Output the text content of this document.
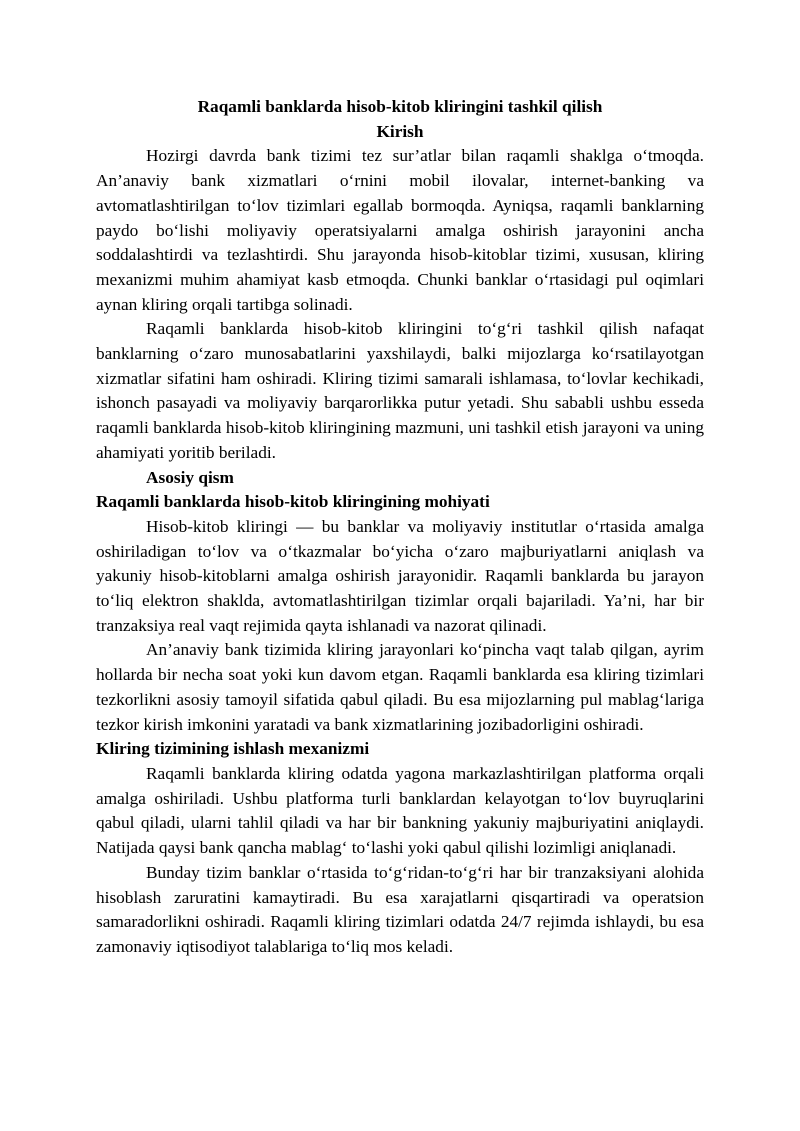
Raqamli banklarda hisob-kitob kliringini tashkil qilish

Kirish

Hozirgi davrda bank tizimi tez sur’atlar bilan raqamli shaklga o‘tmoqda. An’anaviy bank xizmatlari o‘rnini mobil ilovalar, internet-banking va avtomatlashtirilgan to‘lov tizimlari egallab bormoqda. Ayniqsa, raqamli banklarning paydo bo‘lishi moliyaviy operatsiyalarni amalga oshirish jarayonini ancha soddalashtirdi va tezlashtirdi. Shu jarayonda hisob-kitoblar tizimi, xususan, kliring mexanizmi muhim ahamiyat kasb etmoqda. Chunki banklar o‘rtasidagi pul oqimlari aynan kliring orqali tartibga solinadi.

Raqamli banklarda hisob-kitob kliringini to‘g‘ri tashkil qilish nafaqat banklarning o‘zaro munosabatlarini yaxshilaydi, balki mijozlarga ko‘rsatilayotgan xizmatlar sifatini ham oshiradi. Kliring tizimi samarali ishlamasa, to‘lovlar kechikadi, ishonch pasayadi va moliyaviy barqarorlikka putur yetadi. Shu sababli ushbu esseda raqamli banklarda hisob-kitob kliringining mazmuni, uni tashkil etish jarayoni va uning ahamiyati yoritib beriladi.

Asosiy qism

Raqamli banklarda hisob-kitob kliringining mohiyati

Hisob-kitob kliringi — bu banklar va moliyaviy institutlar o‘rtasida amalga oshiriladigan to‘lov va o‘tkazmalar bo‘yicha o‘zaro majburiyatlarni aniqlash va yakuniy hisob-kitoblarni amalga oshirish jarayonidir. Raqamli banklarda bu jarayon to‘liq elektron shaklda, avtomatlashtirilgan tizimlar orqali bajariladi. Ya’ni, har bir tranzaksiya real vaqt rejimida qayta ishlanadi va nazorat qilinadi.

An’anaviy bank tizimida kliring jarayonlari ko‘pincha vaqt talab qilgan, ayrim hollarda bir necha soat yoki kun davom etgan. Raqamli banklarda esa kliring tizimlari tezkorlikni asosiy tamoyil sifatida qabul qiladi. Bu esa mijozlarning pul mablag‘lariga tezkor kirish imkonini yaratadi va bank xizmatlarining jozibadorligini oshiradi.

Kliring tizimining ishlash mexanizmi

Raqamli banklarda kliring odatda yagona markazlashtirilgan platforma orqali amalga oshiriladi. Ushbu platforma turli banklardan kelayotgan to‘lov buyruqlarini qabul qiladi, ularni tahlil qiladi va har bir bankning yakuniy majburiyatini aniqlaydi. Natijada qaysi bank qancha mablag‘ to‘lashi yoki qabul qilishi lozimligi aniqlanadi.

Bunday tizim banklar o‘rtasida to‘g‘ridan-to‘g‘ri har bir tranzaksiyani alohida hisoblash zaruratini kamaytiradi. Bu esa xarajatlarni qisqartiradi va operatsion samaradorlikni oshiradi. Raqamli kliring tizimlari odatda 24/7 rejimda ishlaydi, bu esa zamonaviy iqtisodiyot talablariga to‘liq mos keladi.
